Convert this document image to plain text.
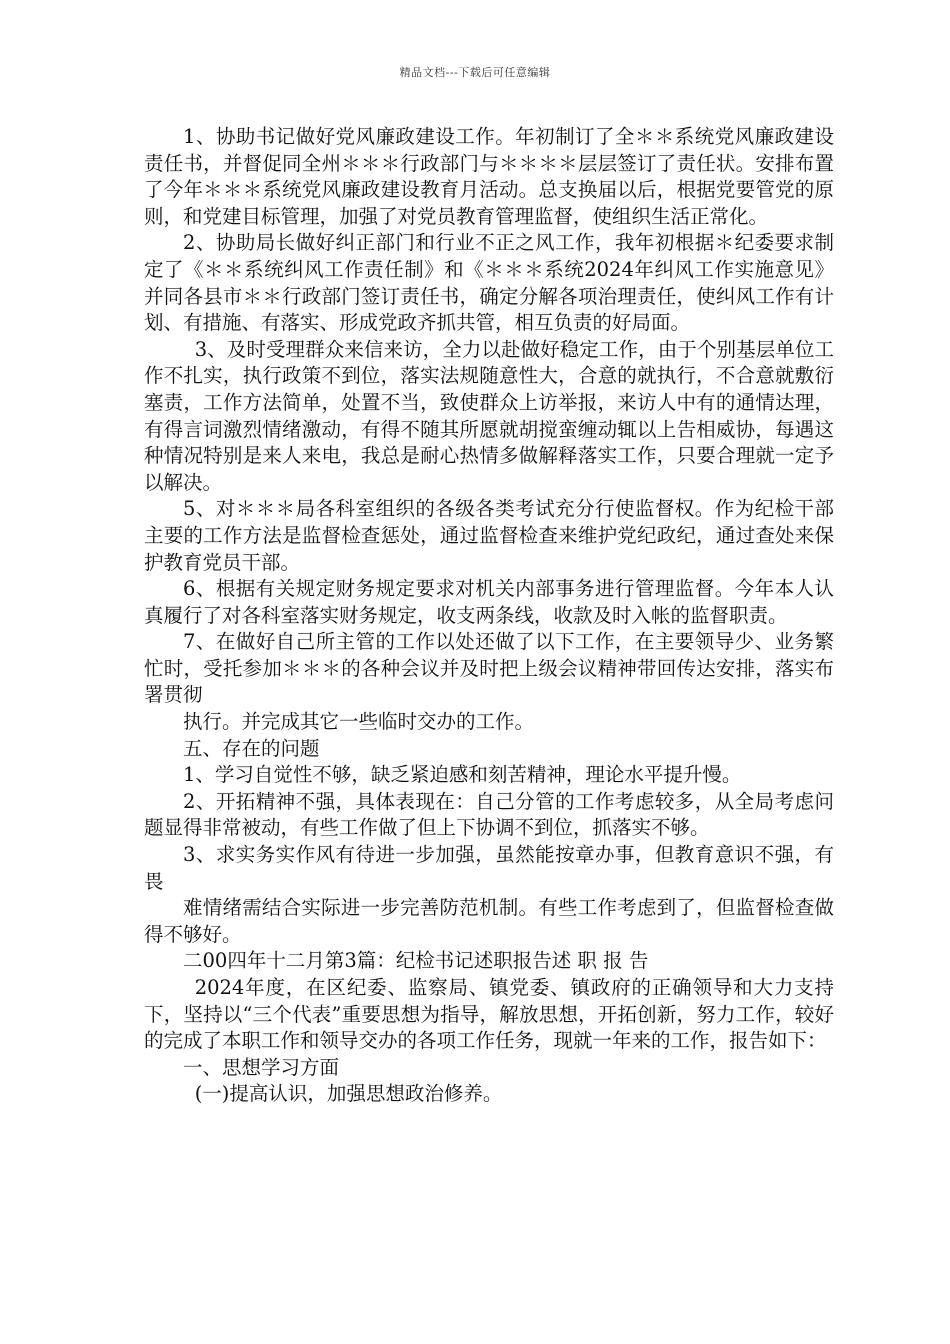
精品文档---下载后可任意编辑

1、协助书记做好党风廉政建设工作。年初制订了全＊＊系统党风廉政建设责任书，并督促同全州＊＊＊行政部门与＊＊＊＊层层签订了责任状。安排布置了今年＊＊＊系统党风廉政建设教育月活动。总支换届以后，根据党要管党的原则，和党建目标管理，加强了对党员教育管理监督，使组织生活正常化。

2、协助局长做好纠正部门和行业不正之风工作，我年初根据＊纪委要求制定了《＊＊系统纠风工作责任制》和《＊＊＊系统2024年纠风工作实施意见》并同各县市＊＊行政部门签订责任书，确定分解各项治理责任，使纠风工作有计划、有措施、有落实、形成党政齐抓共管，相互负责的好局面。

3、及时受理群众来信来访，全力以赴做好稳定工作，由于个别基层单位工作不扎实，执行政策不到位，落实法规随意性大，合意的就执行，不合意就敷衍塞责，工作方法简单，处置不当，致使群众上访举报，来访人中有的通情达理，有得言词激烈情绪激动，有得不随其所愿就胡搅蛮缠动辄以上告相威协，每遇这种情况特别是来人来电，我总是耐心热情多做解释落实工作，只要合理就一定予以解决。

5、对＊＊＊局各科室组织的各级各类考试充分行使监督权。作为纪检干部主要的工作方法是监督检查惩处，通过监督检查来维护党纪政纪，通过查处来保护教育党员干部。

6、根据有关规定财务规定要求对机关内部事务进行管理监督。今年本人认真履行了对各科室落实财务规定，收支两条线，收款及时入帐的监督职责。

7、在做好自己所主管的工作以处还做了以下工作，在主要领导少、业务繁忙时，受托参加＊＊＊的各种会议并及时把上级会议精神带回传达安排，落实布署贯彻

执行。并完成其它一些临时交办的工作。

五、存在的问题

1、学习自觉性不够，缺乏紧迫感和刻苦精神，理论水平提升慢。

2、开拓精神不强，具体表现在：自己分管的工作考虑较多，从全局考虑问题显得非常被动，有些工作做了但上下协调不到位，抓落实不够。

3、求实务实作风有待进一步加强，虽然能按章办事，但教育意识不强，有畏

难情绪需结合实际进一步完善防范机制。有些工作考虑到了，但监督检查做得不够好。

二00四年十二月第3篇：纪检书记述职报告述 职 报 告

2024年度，在区纪委、监察局、镇党委、镇政府的正确领导和大力支持下，坚持以“三个代表”重要思想为指导，解放思想，开拓创新，努力工作，较好的完成了本职工作和领导交办的各项工作任务，现就一年来的工作，报告如下：

一、思想学习方面

(一)提高认识，加强思想政治修养。
